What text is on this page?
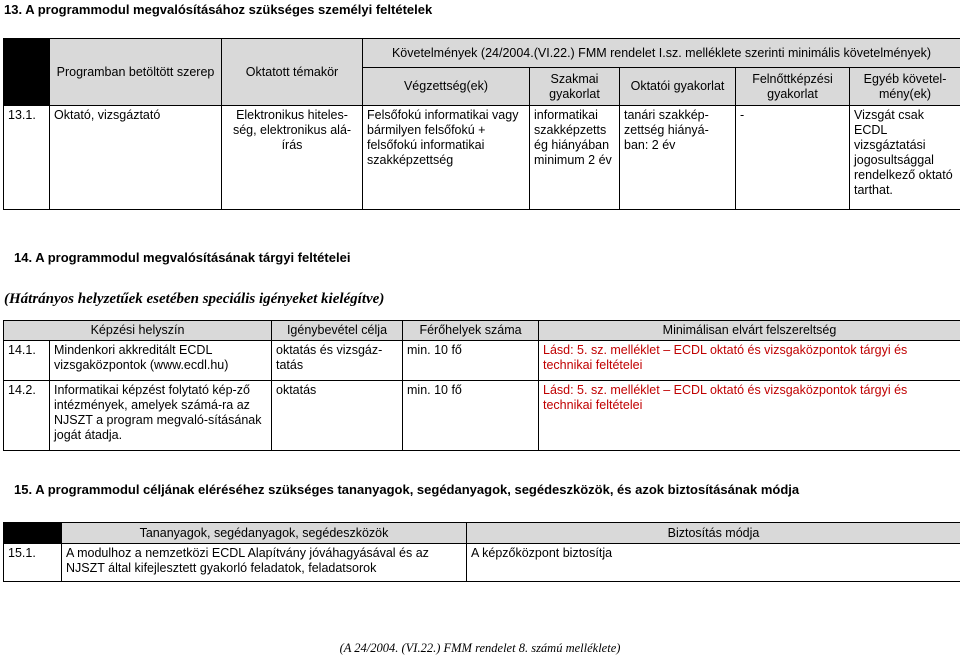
13. A programmodul megvalósításához szükséges személyi feltételek
	Programban betöltött szerep	Oktatott témakör	Követelmények (24/2004.(VI.22.) FMM rendelet I.sz. melléklete szerinti minimális követelmények)				
			Végzettség(ek)	Szakmai gyakorlat	Oktatói gyakorlat	Felnőttképzési gyakorlat	Egyéb követel-mény(ek)
13.1.	Oktató, vizsgáztató	Elektronikus hiteles-ség, elektronikus alá-írás	Felsőfokú informatikai vagy bármilyen felsőfokú + felsőfokú informatikai szakképzettség	informatikai szakképzetts ég hiányában minimum 2 év	tanári szakkép-zettség hiányá-ban: 2 év	-	Vizsgát csak ECDL vizsgáztatási jogosultsággal rendelkező oktató tarthat.
14. A programmodul megvalósításának tárgyi feltételei
(Hátrányos helyzetűek esetében speciális igényeket kielégítve)
Képzési helyszín		Igénybevétel célja	Férőhelyek száma	Minimálisan elvárt felszereltség
14.1.	Mindenkori akkreditált ECDL vizsgaközpontok (www.ecdl.hu)	oktatás és vizsgáz-tatás	min. 10 fő	Lásd: 5. sz. melléklet – ECDL oktató és vizsgaközpontok tárgyi és technikai feltételei
14.2.	Informatikai képzést folytató kép-ző intézmények, amelyek számá-ra az NJSZT a program megvaló-sításának jogát átadja.	oktatás	min. 10 fő	Lásd: 5. sz. melléklet – ECDL oktató és vizsgaközpontok tárgyi és technikai feltételei
15. A programmodul céljának eléréséhez szükséges tananyagok, segédanyagok, segédeszközök, és azok biztosításának módja
	Tananyagok, segédanyagok, segédeszközök	Biztosítás módja
15.1.	A modulhoz a nemzetközi ECDL Alapítvány jóváhagyásával és az NJSZT által kifejlesztett gyakorló feladatok, feladatsorok	A képzőközpont biztosítja
(A 24/2004. (VI.22.) FMM rendelet 8. számú melléklete)
